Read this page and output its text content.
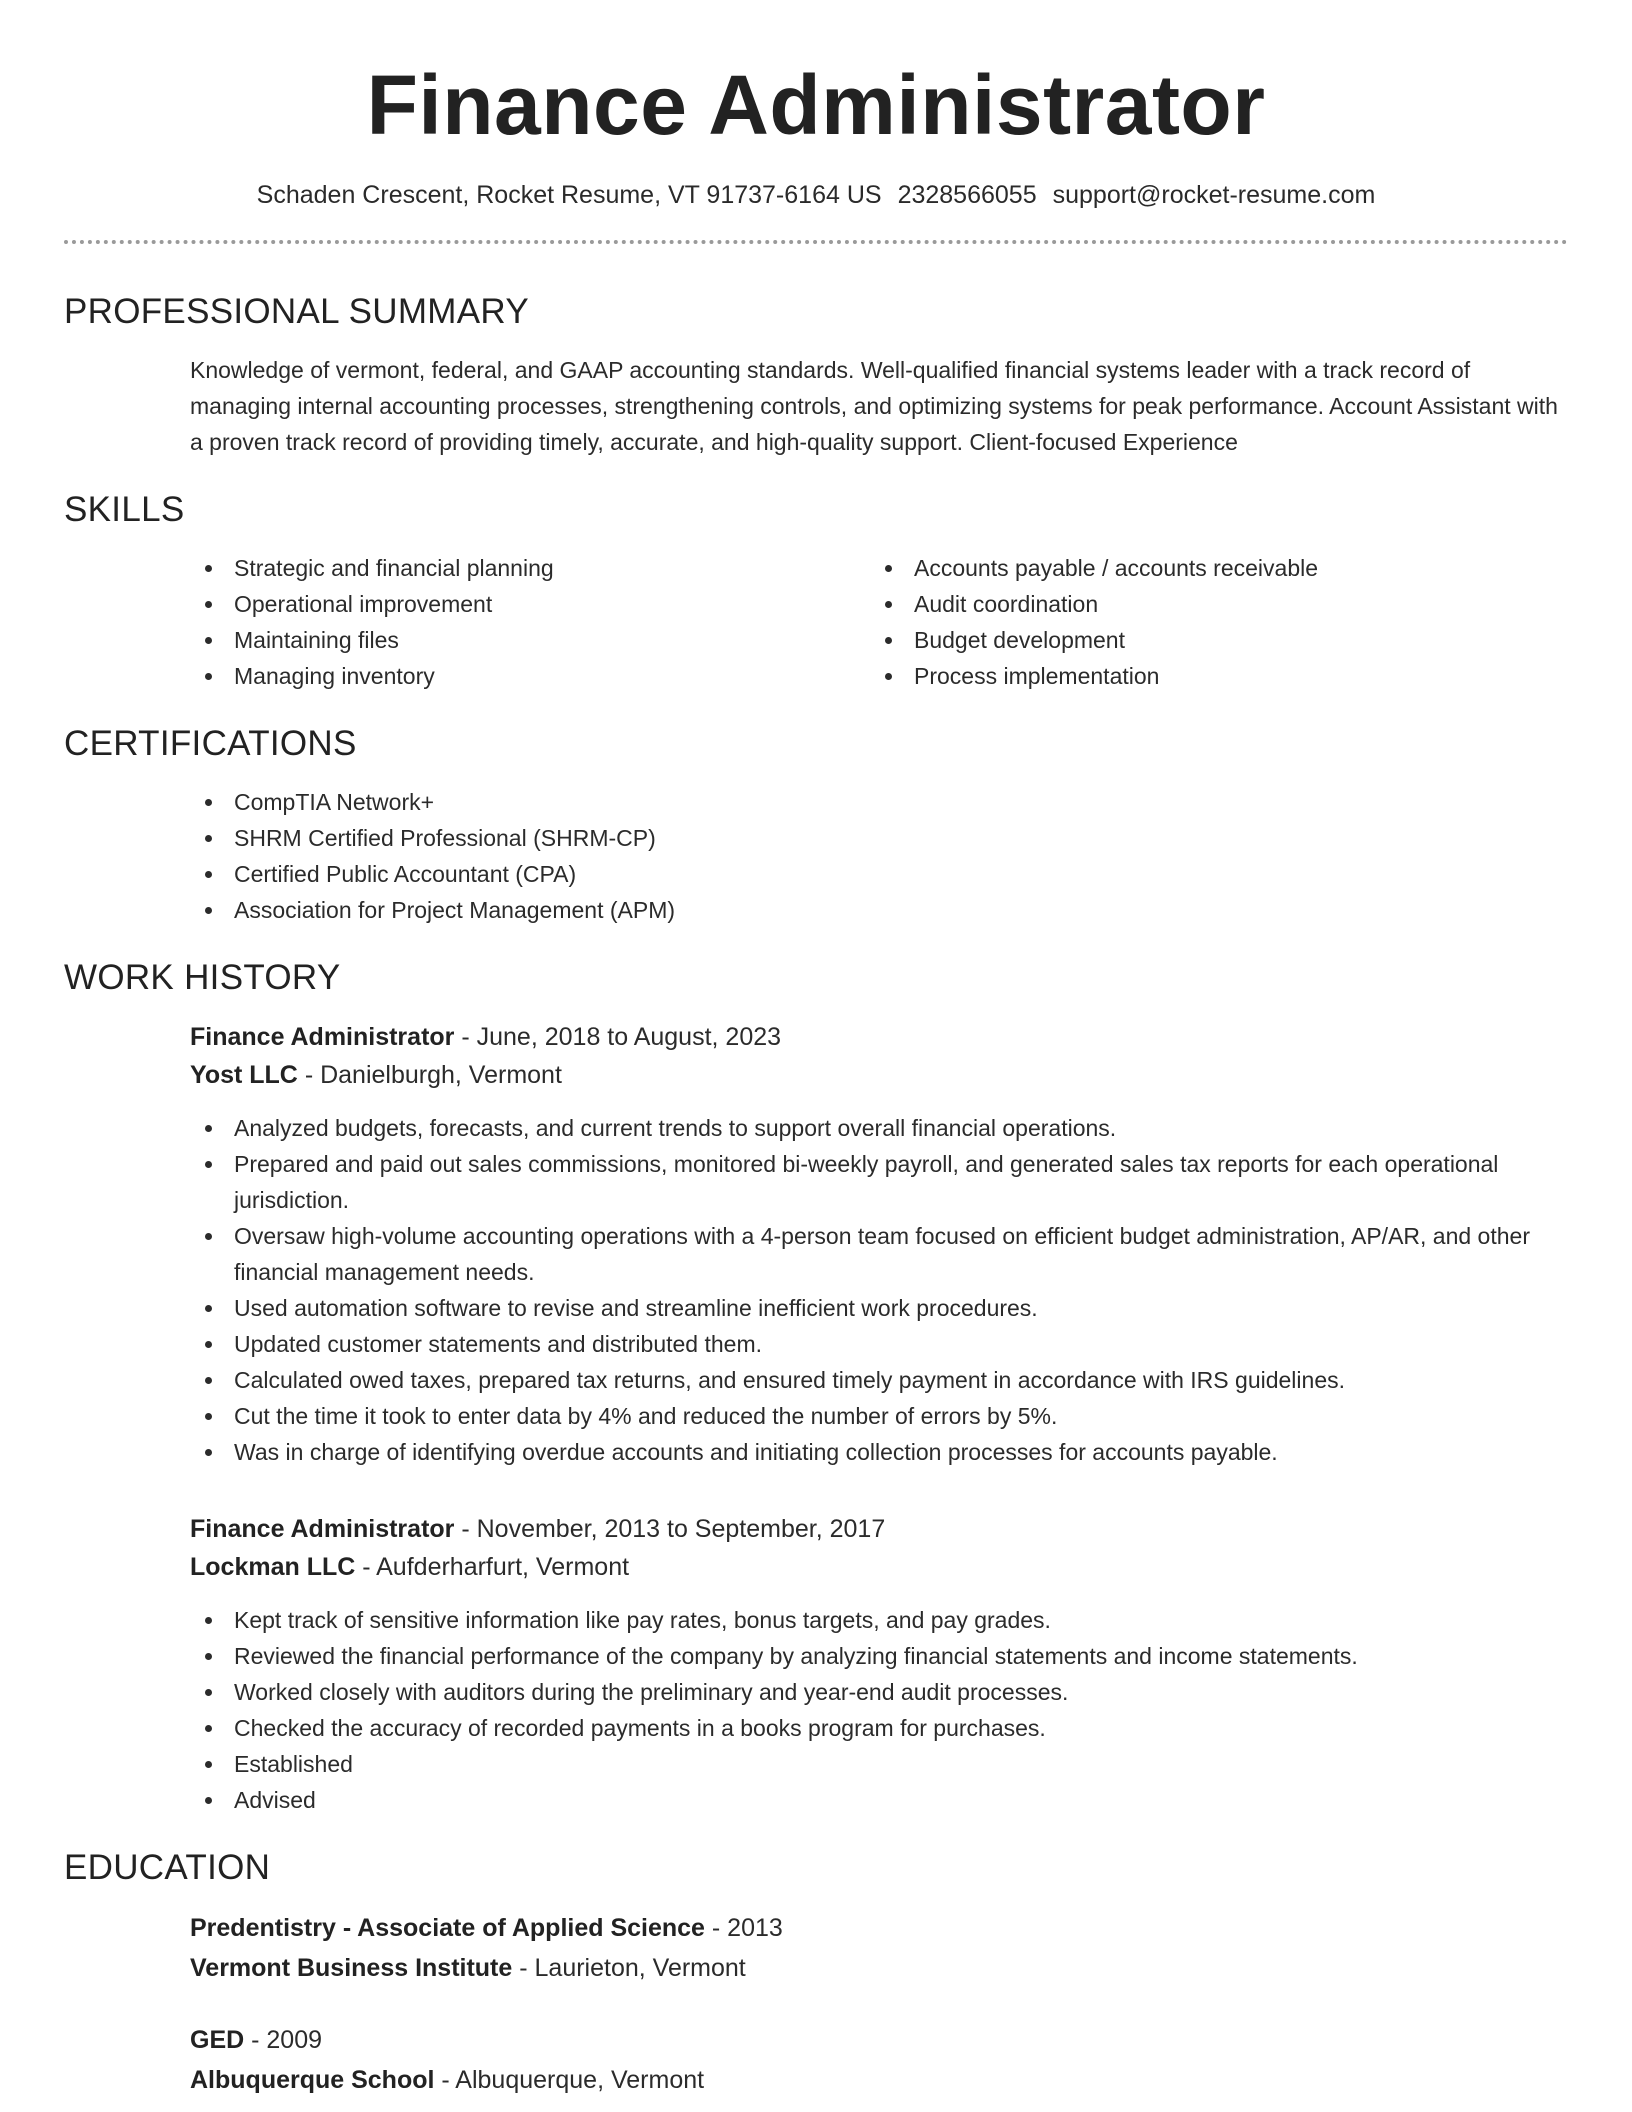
Finance Administrator
Schaden Crescent, Rocket Resume, VT 91737-6164 US 2328566055 support@rocket-resume.com
PROFESSIONAL SUMMARY
Knowledge of vermont, federal, and GAAP accounting standards. Well-qualified financial systems leader with a track record of managing internal accounting processes, strengthening controls, and optimizing systems for peak performance. Account Assistant with a proven track record of providing timely, accurate, and high-quality support. Client-focused Experience
SKILLS
Strategic and financial planning
Operational improvement
Maintaining files
Managing inventory
Accounts payable / accounts receivable
Audit coordination
Budget development
Process implementation
CERTIFICATIONS
CompTIA Network+
SHRM Certified Professional (SHRM-CP)
Certified Public Accountant (CPA)
Association for Project Management (APM)
WORK HISTORY
Finance Administrator - June, 2018 to August, 2023
Yost LLC - Danielburgh, Vermont
Analyzed budgets, forecasts, and current trends to support overall financial operations.
Prepared and paid out sales commissions, monitored bi-weekly payroll, and generated sales tax reports for each operational jurisdiction.
Oversaw high-volume accounting operations with a 4-person team focused on efficient budget administration, AP/AR, and other financial management needs.
Used automation software to revise and streamline inefficient work procedures.
Updated customer statements and distributed them.
Calculated owed taxes, prepared tax returns, and ensured timely payment in accordance with IRS guidelines.
Cut the time it took to enter data by 4% and reduced the number of errors by 5%.
Was in charge of identifying overdue accounts and initiating collection processes for accounts payable.
Finance Administrator - November, 2013 to September, 2017
Lockman LLC - Aufderharfurt, Vermont
Kept track of sensitive information like pay rates, bonus targets, and pay grades.
Reviewed the financial performance of the company by analyzing financial statements and income statements.
Worked closely with auditors during the preliminary and year-end audit processes.
Checked the accuracy of recorded payments in a books program for purchases.
Established
Advised
EDUCATION
Predentistry - Associate of Applied Science - 2013
Vermont Business Institute - Laurieton, Vermont
GED - 2009
Albuquerque School - Albuquerque, Vermont
